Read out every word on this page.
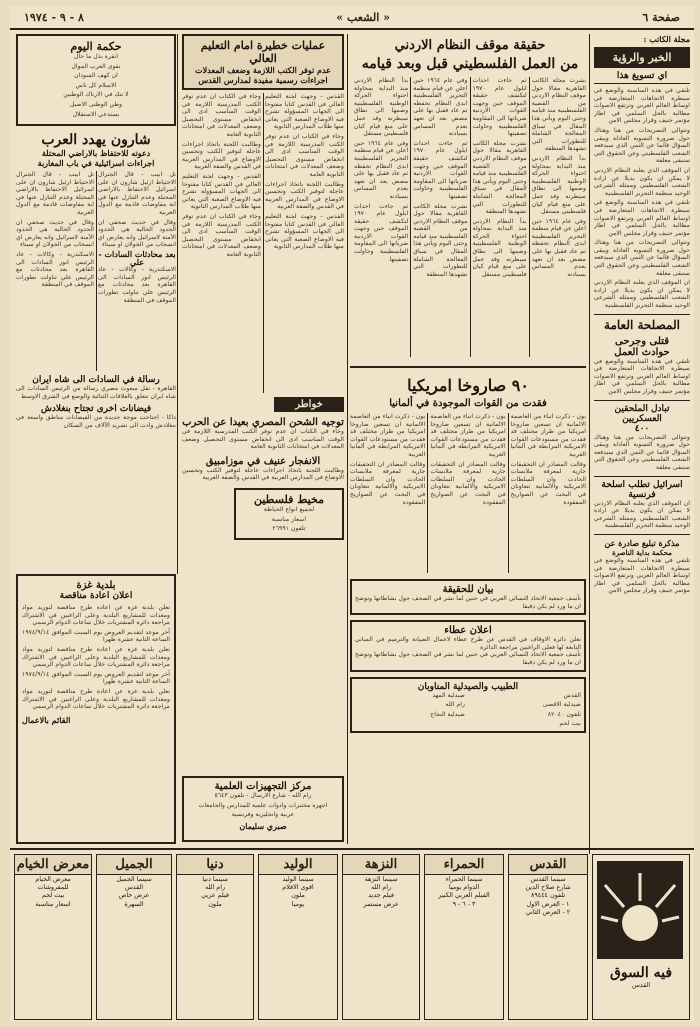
صفحة ٦
« الشعب »
٨ - ٩ - ١٩٧٤
مجلة الكاتب :
الخبر والرؤية
اي تسويغ هذا

تلتقي في هذه المناسبة والوضع في سيطرة الاتجاهات المتعارضة في اوساط العالم العربي وترتفع الاصوات مطالبة بالحل السلمي في اطار مؤتمر جنيف وقرار مجلس الامن

وتتوالى التصريحات من هنا وهناك حول ضرورة التسوية العادلة ويبقى السؤال قائما عن الثمن الذي سيدفعه الشعب الفلسطيني وعن الحقوق التي ستبقى معلقة

ان الموقف الذي يعلنه النظام الاردني لا يمكن ان يكون بديلا عن ارادة الشعب الفلسطيني وممثله الشرعي الوحيد منظمة التحرير الفلسطينية

تلتقي في هذه المناسبة والوضع في سيطرة الاتجاهات المتعارضة في اوساط العالم العربي وترتفع الاصوات مطالبة بالحل السلمي في اطار مؤتمر جنيف وقرار مجلس الامن

وتتوالى التصريحات من هنا وهناك حول ضرورة التسوية العادلة ويبقى السؤال قائما عن الثمن الذي سيدفعه الشعب الفلسطيني وعن الحقوق التي ستبقى معلقة

ان الموقف الذي يعلنه النظام الاردني لا يمكن ان يكون بديلا عن ارادة الشعب الفلسطيني وممثله الشرعي الوحيد منظمة التحرير الفلسطينية

المصلحة العامة
قتلى وجرحى
حوادث العمل
تلتقي في هذه المناسبة والوضع في سيطرة الاتجاهات المتعارضة في اوساط العالم العربي وترتفع الاصوات مطالبة بالحل السلمي في اطار مؤتمر جنيف وقرار مجلس الامن
تبادل الملحقين العسكريين
٤٠٠
وتتوالى التصريحات من هنا وهناك حول ضرورة التسوية العادلة ويبقى السؤال قائما عن الثمن الذي سيدفعه الشعب الفلسطيني وعن الحقوق التي ستبقى معلقة
اسرائيل تطلب اسلحة فرنسية
ان الموقف الذي يعلنه النظام الاردني لا يمكن ان يكون بديلا عن ارادة الشعب الفلسطيني وممثله الشرعي الوحيد منظمة التحرير الفلسطينية
مذكرة تبليغ صادرة عن
محكمة بداية الناصرة
تلتقي في هذه المناسبة والوضع في سيطرة الاتجاهات المتعارضة في اوساط العالم العربي وترتفع الاصوات مطالبة بالحل السلمي في اطار مؤتمر جنيف وقرار مجلس الامن
حقيقة موقف النظام الاردني
من العمل الفلسطيني قبل وبعد قيامه

نشرت مجلة الكاتب القاهرية مقالا حول موقف النظام الاردني من القضية الفلسطينية منذ قيامه وحتى اليوم ويأتي هذا المقال في سياق المعالجة الشاملة للتطورات التي تشهدها المنطقة

بدأ النظام الاردني منذ البداية بمحاولة احتواء الحركة الوطنية الفلسطينية وضمها الى نطاق سيطرته وقد عمل على منع قيام كيان فلسطيني مستقل

وفي عام ١٩٦٤ حين اعلن عن قيام منظمة التحرير الفلسطينية ابدى النظام تحفظه ثم عاد فقبل بها على مضض بعد ان تعهد بعدم المساس بسيادته

ثم جاءت احداث ايلول عام ١٩٧٠ لتكشف حقيقة الموقف حين وجهت القوات الاردنية ضرباتها الى المقاومة الفلسطينية وحاولت تصفيتها

نشرت مجلة الكاتب القاهرية مقالا حول موقف النظام الاردني من القضية الفلسطينية منذ قيامه وحتى اليوم ويأتي هذا المقال في سياق المعالجة الشاملة للتطورات التي تشهدها المنطقة

بدأ النظام الاردني منذ البداية بمحاولة احتواء الحركة الوطنية الفلسطينية وضمها الى نطاق سيطرته وقد عمل على منع قيام كيان فلسطيني مستقل

وفي عام ١٩٦٤ حين اعلن عن قيام منظمة التحرير الفلسطينية ابدى النظام تحفظه ثم عاد فقبل بها على مضض بعد ان تعهد بعدم المساس بسيادته

ثم جاءت احداث ايلول عام ١٩٧٠ لتكشف حقيقة الموقف حين وجهت القوات الاردنية ضرباتها الى المقاومة الفلسطينية وحاولت تصفيتها

نشرت مجلة الكاتب القاهرية مقالا حول موقف النظام الاردني من القضية الفلسطينية منذ قيامه وحتى اليوم ويأتي هذا المقال في سياق المعالجة الشاملة للتطورات التي تشهدها المنطقة

بدأ النظام الاردني منذ البداية بمحاولة احتواء الحركة الوطنية الفلسطينية وضمها الى نطاق سيطرته وقد عمل على منع قيام كيان فلسطيني مستقل

وفي عام ١٩٦٤ حين اعلن عن قيام منظمة التحرير الفلسطينية ابدى النظام تحفظه ثم عاد فقبل بها على مضض بعد ان تعهد بعدم المساس بسيادته

ثم جاءت احداث ايلول عام ١٩٧٠ لتكشف حقيقة الموقف حين وجهت القوات الاردنية ضرباتها الى المقاومة الفلسطينية وحاولت تصفيتها

٩٠ صاروخا امريكيا
فقدت من القوات الموجودة في ألمانيا

بون - ذكرت انباء من العاصمة الالمانية ان تسعين صاروخا امريكيا من طراز مختلف قد فقدت من مستودعات القوات الامريكية المرابطة في ألمانيا الغربية

وقالت المصادر ان التحقيقات جارية لمعرفة ملابسات الحادث وان السلطات الامريكية والالمانية تتعاونان في البحث عن الصواريخ المفقودة

بون - ذكرت انباء من العاصمة الالمانية ان تسعين صاروخا امريكيا من طراز مختلف قد فقدت من مستودعات القوات الامريكية المرابطة في ألمانيا الغربية

وقالت المصادر ان التحقيقات جارية لمعرفة ملابسات الحادث وان السلطات الامريكية والالمانية تتعاونان في البحث عن الصواريخ المفقودة

بون - ذكرت انباء من العاصمة الالمانية ان تسعين صاروخا امريكيا من طراز مختلف قد فقدت من مستودعات القوات الامريكية المرابطة في ألمانيا الغربية

وقالت المصادر ان التحقيقات جارية لمعرفة ملابسات الحادث وان السلطات الامريكية والالمانية تتعاونان في البحث عن الصواريخ المفقودة

بيان للحقيقة
تأسف جمعية الاتحاد النسائي العربي في جنين لما نشر في الصحف حول نشاطاتها وتوضح ان ما ورد لم يكن دقيقا
اعلان عطاء
تعلن دائرة الاوقاف في القدس عن طرح عطاء لاعمال الصيانة والترميم في المباني التابعة لها فعلى الراغبين مراجعة الدائرة
تأسف جمعية الاتحاد النسائي العربي في جنين لما نشر في الصحف حول نشاطاتها وتوضح ان ما ورد لم يكن دقيقا
الطبيب والصيدلية المناوبان

القدس

صيدلية الاقصى

تلفون ٨٢٠٤٠

بيت لحم

صيدلية المهد

رام الله

صيدلية النجاح

عمليات خطيرة امام التعليم العالي
عدم توفر الكتب اللازمة وضعف المعدلات
اجراءات رسمية مفيدة لمدارس القدس

القدس - وجهت لجنة التعليم العالي في القدس كتابا مفتوحا الى الجهات المسؤولة تشرح فيه الاوضاع الصعبة التي يعاني منها طلاب المدارس الثانوية

وجاء في الكتاب ان عدم توفر الكتب المدرسية اللازمة في الوقت المناسب ادى الى انخفاض مستوى التحصيل وضعف المعدلات في امتحانات الثانوية العامة

وطالبت اللجنة باتخاذ اجراءات عاجلة لتوفير الكتب وتحسين الاوضاع في المدارس العربية في القدس والضفة الغربية

القدس - وجهت لجنة التعليم العالي في القدس كتابا مفتوحا الى الجهات المسؤولة تشرح فيه الاوضاع الصعبة التي يعاني منها طلاب المدارس الثانوية

وجاء في الكتاب ان عدم توفر الكتب المدرسية اللازمة في الوقت المناسب ادى الى انخفاض مستوى التحصيل وضعف المعدلات في امتحانات الثانوية العامة

وطالبت اللجنة باتخاذ اجراءات عاجلة لتوفير الكتب وتحسين الاوضاع في المدارس العربية في القدس والضفة الغربية

القدس - وجهت لجنة التعليم العالي في القدس كتابا مفتوحا الى الجهات المسؤولة تشرح فيه الاوضاع الصعبة التي يعاني منها طلاب المدارس الثانوية

وجاء في الكتاب ان عدم توفر الكتب المدرسية اللازمة في الوقت المناسب ادى الى انخفاض مستوى التحصيل وضعف المعدلات في امتحانات الثانوية العامة

خواطر
توجيه الشحن المصري بعيدا عن الحرب
وجاء في الكتاب ان عدم توفر الكتب المدرسية اللازمة في الوقت المناسب ادى الى انخفاض مستوى التحصيل وضعف المعدلات في امتحانات الثانوية العامة
الانفجار عنيف في موزامبيق
وطالبت اللجنة باتخاذ اجراءات عاجلة لتوفير الكتب وتحسين الاوضاع في المدارس العربية في القدس والضفة الغربية
مخيط فلسطين

لجميع انواع الخياطة

اسعار مناسبة

تلفون ٢٦٩٩١

حكمة اليوم

انقرة بذل ما حال

تقوى العرب الموال

ان كهف السودان

الاسلام كل ناس

لا تنك في الارتاك الوطنين

وطن الوطنى الاصيل

يستدعي الاستقلال

شارون يهدد العرب
دعوته للاحتفاظ بالاراضي المحتلة
اجراءات اسرائيلية في باب المغاربة

تل ابيب - قال الجنرال الاحتياط ارئيل شارون ان على اسرائيل الاحتفاظ بالاراضي المحتلة وعدم التنازل عنها في اية مفاوضات قادمة مع الدول العربية

وقال في حديث صحفي ان الحدود الحالية هي الحدود الآمنة لاسرائيل وانه يعارض اي انسحاب من الجولان او سيناء

بعد محادثات السادات - علي

الاسكندرية - وكالات - عاد الرئيس انور السادات الى القاهرة بعد محادثات مع الرئيس علي تناولت تطورات الموقف في المنطقة

تل ابيب - قال الجنرال الاحتياط ارئيل شارون ان على اسرائيل الاحتفاظ بالاراضي المحتلة وعدم التنازل عنها في اية مفاوضات قادمة مع الدول العربية

وقال في حديث صحفي ان الحدود الحالية هي الحدود الآمنة لاسرائيل وانه يعارض اي انسحاب من الجولان او سيناء

الاسكندرية - وكالات - عاد الرئيس انور السادات الى القاهرة بعد محادثات مع الرئيس علي تناولت تطورات الموقف في المنطقة

رسالة في السادات الى شاه ايران
القاهرة - نقل مبعوث مصري رسالة من الرئيس السادات الى شاه ايران تتعلق بالعلاقات الثنائية والوضع في الشرق الاوسط
فيضانات اخرى تجتاح بنغلادش
داكا - اجتاحت موجة جديدة من الفيضانات مناطق واسعة في بنغلادش وادت الى تشريد الآلاف من السكان
بلدية غزة
اعلان اعادة مناقصة

تعلن بلدية غزة عن اعادة طرح مناقصة لتوريد مواد ومعدات للمشاريع البلدية وعلى الراغبين في الاشتراك مراجعة دائرة المشتريات خلال ساعات الدوام الرسمي

آخر موعد لتقديم العروض يوم السبت الموافق ١٩٧٤/٩/١٤ الساعة الثانية عشرة ظهرا

تعلن بلدية غزة عن اعادة طرح مناقصة لتوريد مواد ومعدات للمشاريع البلدية وعلى الراغبين في الاشتراك مراجعة دائرة المشتريات خلال ساعات الدوام الرسمي

آخر موعد لتقديم العروض يوم السبت الموافق ١٩٧٤/٩/١٤ الساعة الثانية عشرة ظهرا

تعلن بلدية غزة عن اعادة طرح مناقصة لتوريد مواد ومعدات للمشاريع البلدية وعلى الراغبين في الاشتراك مراجعة دائرة المشتريات خلال ساعات الدوام الرسمي

القائم بالاعمال
مركز التجهيزات العلمية

رام الله - شارع الارسال - تلفون ٥٦٤٣

اجهزة مختبرات وادوات علمية للمدارس والجامعات

عربية وانجليزية وفرنسية

صبري سليمان
فيه السوق
القدس
القدس
سينما القدس
شارع صلاح الدين
تلفون ٨٩٤٤٤
١ - العرض الاول
٢ - العرض الثاني
الحمراء
سينما الحمراء
الدوام يوميا
الفيلم العربي الكبير
٣ - ٦ - ٩
النزهة
سينما النزهة
رام الله
فيلم جديد
عرض مستمر
الوليد
سينما الوليد
اقوى الافلام
ملون
يوميا
دنيا
سينما دنيا
رام الله
فيلم عربي
ملون
الجميل
سينما الجميل
القدس
عرض خاص
السهرة
معرض الخيام
معرض الخيام
للمفروشات
بيت لحم
اسعار مناسبة
